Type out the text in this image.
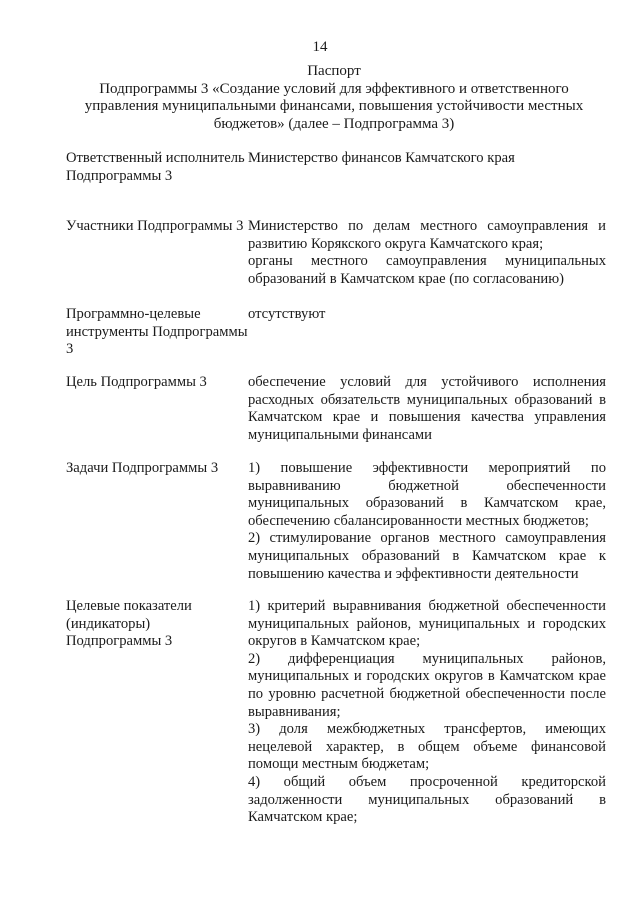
14
Паспорт
Подпрограммы 3 «Создание условий для эффективного и ответственного управления муниципальными финансами, повышения устойчивости местных бюджетов» (далее – Подпрограмма 3)
Ответственный исполнитель Подпрограммы 3

Министерство финансов Камчатского края

Участники Подпрограммы 3 Министерство по делам местного самоуправления и развитию Корякского округа Камчатского края;

органы местного самоуправления муниципальных образований в Камчатском крае (по согласованию)

Программно-целевые инструменты Подпрограммы 3

отсутствуют

Цель Подпрограммы 3	обеспечение условий для устойчивого исполнения расходных обязательств муниципальных образований в Камчатском крае и повышения качества управления муниципальными финансами

Задачи Подпрограммы 3	1) повышение эффективности мероприятий по выравниванию бюджетной обеспеченности муниципальных образований в Камчатском крае, обеспечению сбалансированности местных бюджетов;

2) стимулирование органов местного самоуправления муниципальных образований в Камчатском крае к повышению качества и эффективности деятельности

Целевые показатели (индикаторы) Подпрограммы 3

1) критерий выравнивания бюджетной обеспеченности муниципальных районов, муниципальных и городских округов в Камчатском крае;

2) дифференциация муниципальных районов, муниципальных и городских округов в Камчатском крае по уровню расчетной бюджетной обеспеченности после выравнивания;

3) доля межбюджетных трансфертов, имеющих нецелевой характер, в общем объеме финансовой помощи местным бюджетам;

4) общий объем просроченной кредиторской задолженности муниципальных образований в Камчатском крае;
